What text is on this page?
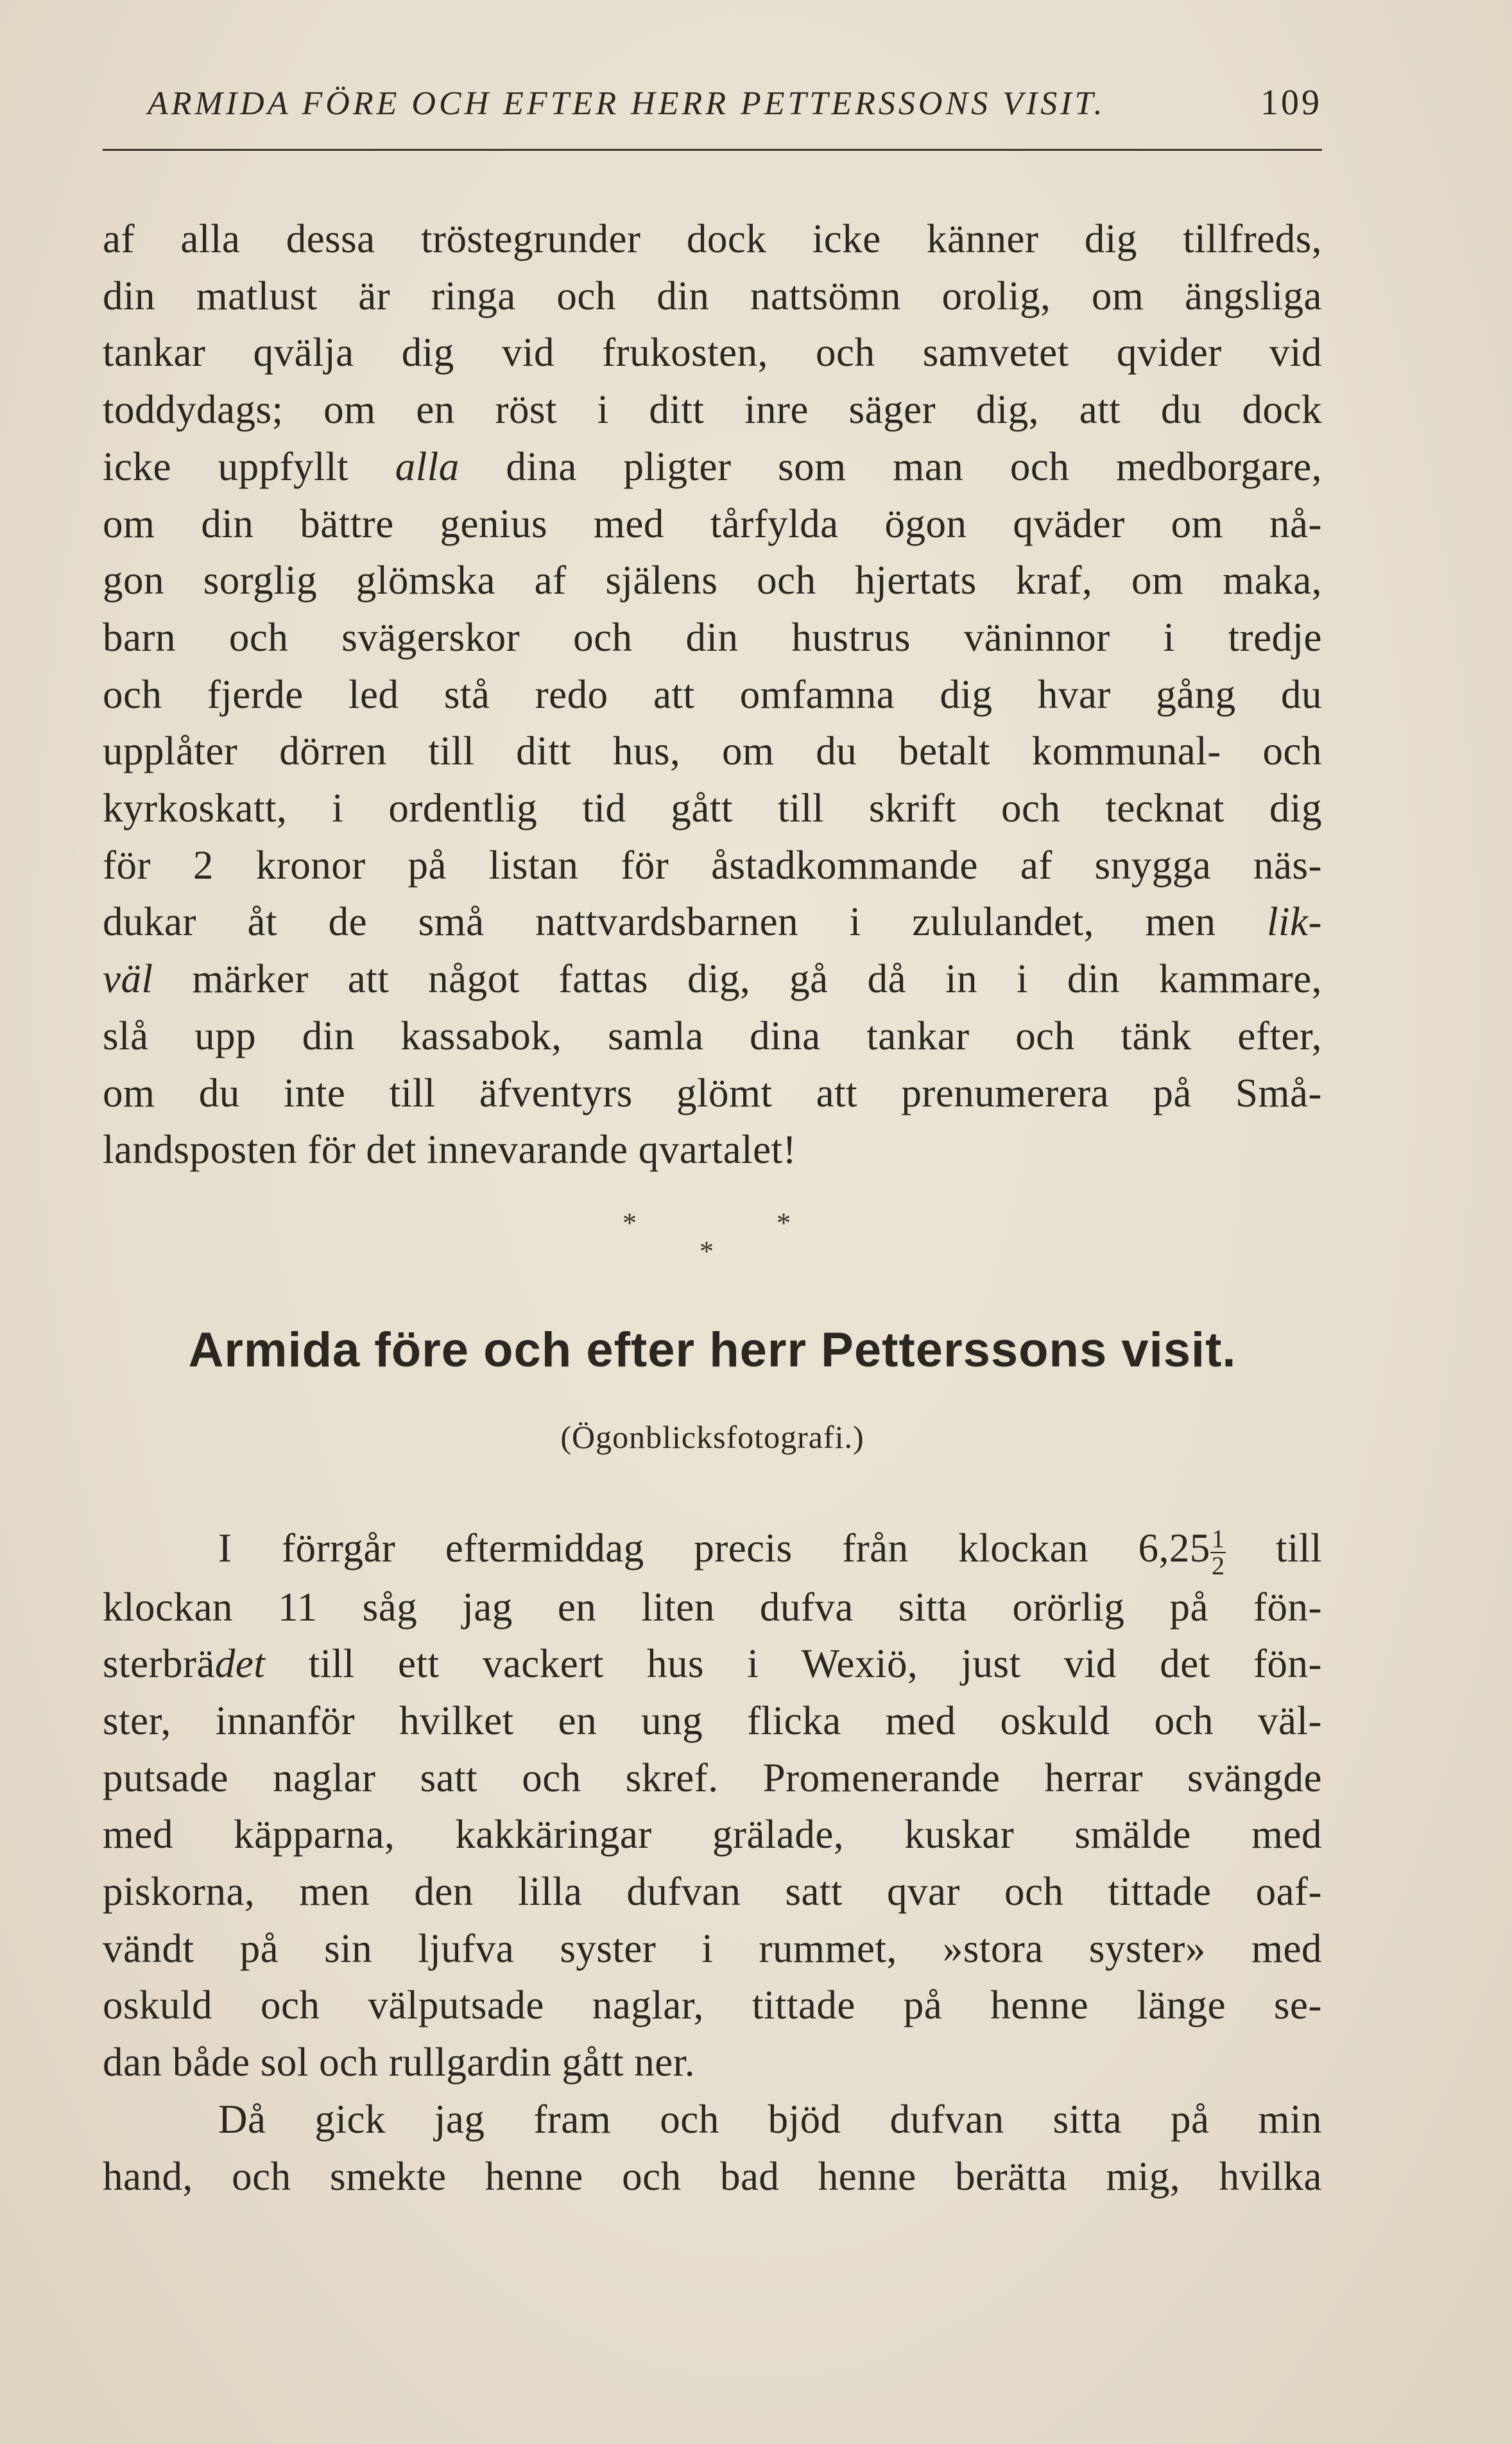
ARMIDA FÖRE OCH EFTER HERR PETTERSSONS VISIT.	109
af alla dessa tröstegrunder dock icke känner dig tillfreds,
din matlust är ringa och din nattsömn orolig, om ängsliga
tankar qvälja dig vid frukosten, och samvetet qvider vid
toddydags; om en röst i ditt inre säger dig, att du dock
icke uppfyllt alla dina pligter som man och medborgare,
om din bättre genius med tårfylda ögon qväder om nå-
gon sorglig glömska af själens och hjertats kraf, om maka,
barn och svägerskor och din hustrus väninnor i tredje
och fjerde led stå redo att omfamna dig hvar gång du
upplåter dörren till ditt hus, om du betalt kommunal- och
kyrkoskatt, i ordentlig tid gått till skrift och tecknat dig
för 2 kronor på listan för åstadkommande af snygga näs-
dukar åt de små nattvardsbarnen i zululandet, men lik-
väl märker att något fattas dig, gå då in i din kammare,
slå upp din kassabok, samla dina tankar och tänk efter,
om du inte till äfventyrs glömt att prenumerera på Små-
landsposten för det innevarande qvartalet!
*	*
*
Armida före och efter herr Petterssons visit.
(Ögonblicksfotografi.)
I förrgår eftermiddag precis från klockan $6,25 \frac{1}{2}$ till
klockan 11 såg jag en liten dufva sitta orörlig på fön-
sterbrädet till ett vackert hus i Wexiö, just vid det fön-
ster, innanför hvilket en ung flicka med oskuld och väl-
putsade naglar satt och skref. Promenerande herrar svängde
med käpparna, kakkäringar grälade, kuskar smälde med
piskorna, men den lilla dufvan satt qvar och tittade oaf-
vändt på sin ljufva syster i rummet, »stora syster» med
oskuld och välputsade naglar, tittade på henne länge se-
dan både sol och rullgardin gått ner.
Då gick jag fram och bjöd dufvan sitta på min
hand, och smekte henne och bad henne berätta mig, hvilka
